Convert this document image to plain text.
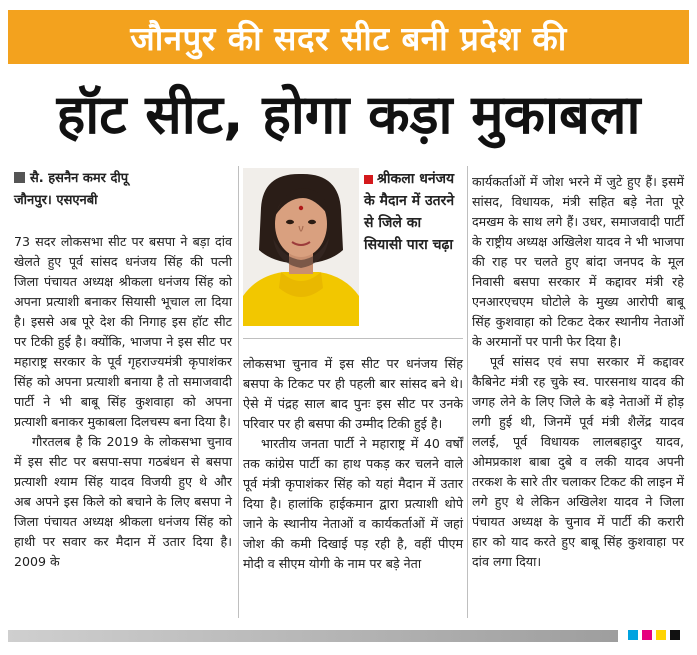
जौनपुर की सदर सीट बनी प्रदेश की
हॉट सीट, होगा कड़ा मुकाबला
सै. हसनैन कमर दीपू
जौनपुर। एसएनबी
श्रीकला धनंजय के मैदान में उतरने से जिले का सियासी पारा चढ़ा

73 सदर लोकसभा सीट पर बसपा ने बड़ा दांव खेलते हुए पूर्व सांसद धनंजय सिंह की पत्नी जिला पंचायत अध्यक्ष श्रीकला धनंजय सिंह को अपना प्रत्याशी बनाकर सियासी भूचाल ला दिया है। इससे अब पूरे देश की निगाह इस हॉट सीट पर टिकी हुई है। क्योंकि, भाजपा ने इस सीट पर महाराष्ट्र सरकार के पूर्व गृहराज्यमंत्री कृपाशंकर सिंह को अपना प्रत्याशी बनाया है तो समाजवादी पार्टी ने भी बाबू सिंह कुशवाहा को अपना प्रत्याशी बनाकर मुकाबला दिलचस्प बना दिया है।

गौरतलब है कि 2019 के लोकसभा चुनाव में इस सीट पर बसपा-सपा गठबंधन से बसपा प्रत्याशी श्याम सिंह यादव विजयी हुए थे और अब अपने इस किले को बचाने के लिए बसपा ने जिला पंचायत अध्यक्ष श्रीकला धनंजय सिंह को हाथी पर सवार कर मैदान में उतार दिया है। 2009 के

लोकसभा चुनाव में इस सीट पर धनंजय सिंह बसपा के टिकट पर ही पहली बार सांसद बने थे। ऐसे में पंद्रह साल बाद पुनः इस सीट पर उनके परिवार पर ही बसपा की उम्मीद टिकी हुई है।

भारतीय जनता पार्टी ने महाराष्ट्र में 40 वर्षों तक कांग्रेस पार्टी का हाथ पकड़ कर चलने वाले पूर्व मंत्री कृपाशंकर सिंह को यहां मैदान में उतार दिया है। हालांकि हाईकमान द्वारा प्रत्याशी थोपे जाने के स्थानीय नेताओं व कार्यकर्ताओं में जहां जोश की कमी दिखाई पड़ रही है, वहीं पीएम मोदी व सीएम योगी के नाम पर बड़े नेता

कार्यकर्ताओं में जोश भरने में जुटे हुए हैं। इसमें सांसद, विधायक, मंत्री सहित बड़े नेता पूरे दमखम के साथ लगे हैं। उधर, समाजवादी पार्टी के राष्ट्रीय अध्यक्ष अखिलेश यादव ने भी भाजपा की राह पर चलते हुए बांदा जनपद के मूल निवासी बसपा सरकार में कद्दावर मंत्री रहे एनआरएचएम घोटोले के मुख्य आरोपी बाबू सिंह कुशवाहा को टिकट देकर स्थानीय नेताओं के अरमानों पर पानी फेर दिया है।

पूर्व सांसद एवं सपा सरकार में कद्दावर कैबिनेट मंत्री रह चुके स्व. पारसनाथ यादव की जगह लेने के लिए जिले के बड़े नेताओं में होड़ लगी हुई थी, जिनमें पूर्व मंत्री शैलेंद्र यादव ललई, पूर्व विधायक लालबहादुर यादव, ओमप्रकाश बाबा दुबे व लकी यादव अपनी तरकश के सारे तीर चलाकर टिकट की लाइन में लगे हुए थे लेकिन अखिलेश यादव ने जिला पंचायत अध्यक्ष के चुनाव में पार्टी की करारी हार को याद करते हुए बाबू सिंह कुशवाहा पर दांव लगा दिया।
